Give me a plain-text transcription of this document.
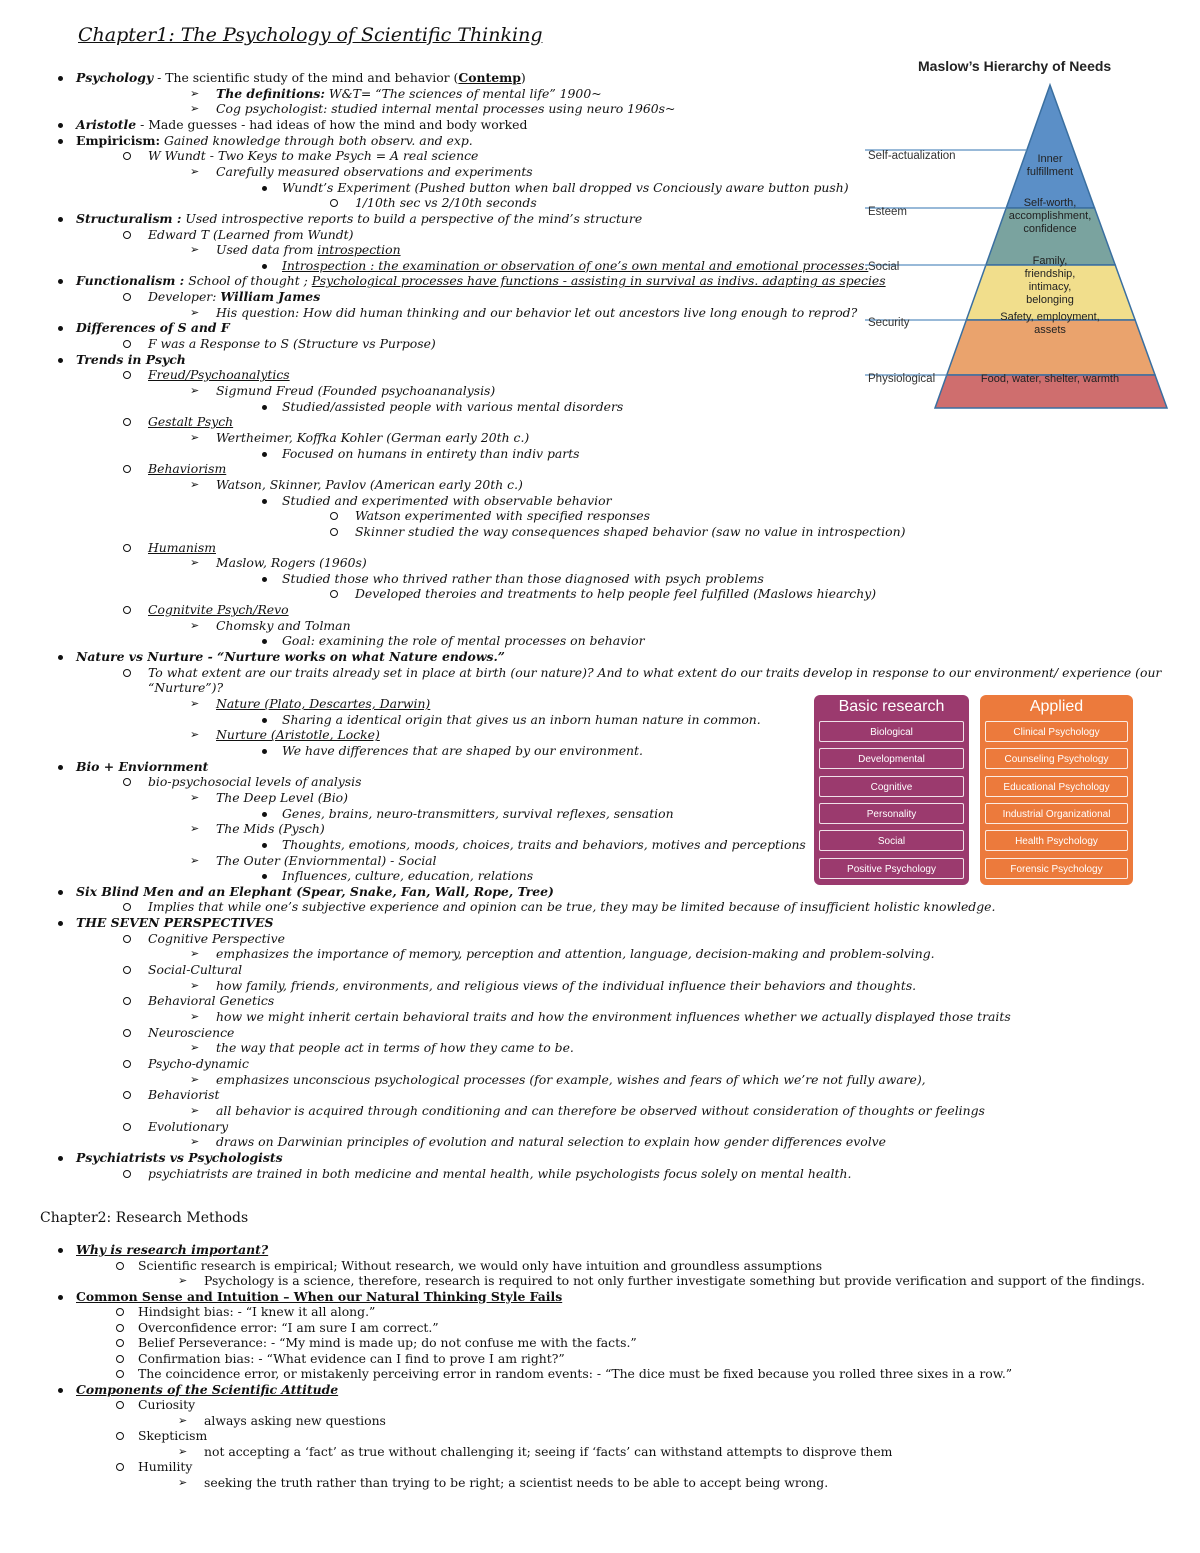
Chapter1: The Psychology of Scientific Thinking
Psychology - The scientific study of the mind and behavior (Contemp)
➢ The definitions: W&T= “The sciences of mental life” 1900~
➢ Cog psychologist: studied internal mental processes using neuro 1960s~
Aristotle - Made guesses - had ideas of how the mind and body worked
Empiricism: Gained knowledge through both observ. and exp.
W Wundt - Two Keys to make Psych = A real science
➢ Carefully measured observations and experiments
Wundt’s Experiment (Pushed button when ball dropped vs Conciously aware button push)
1/10th sec vs 2/10th seconds
Structuralism : Used introspective reports to build a perspective of the mind’s structure
Edward T (Learned from Wundt)
➢ Used data from introspection
Introspection : the examination or observation of one’s own mental and emotional processes.
Functionalism : School of thought ; Psychological processes have functions - assisting in survival as indivs. adapting as species
Developer: William James
➢ His question: How did human thinking and our behavior let out ancestors live long enough to reprod?
Differences of S and F
F was a Response to S (Structure vs Purpose)
Trends in Psych
Freud/Psychoanalytics
➢ Sigmund Freud (Founded psychoananalysis)
Studied/assisted people with various mental disorders
Gestalt Psych
➢ Wertheimer, Koffka Kohler (German early 20th c.)
Focused on humans in entirety than indiv parts
Behaviorism
➢ Watson, Skinner, Pavlov (American early 20th c.)
Studied and experimented with observable behavior
Watson experimented with specified responses
Skinner studied the way consequences shaped behavior (saw no value in introspection)
Humanism
➢ Maslow, Rogers (1960s)
Studied those who thrived rather than those diagnosed with psych problems
Developed theroies and treatments to help people feel fulfilled (Maslows hiearchy)
Cognitvite Psych/Revo
➢ Chomsky and Tolman
Goal: examining the role of mental processes on behavior
Nature vs Nurture - “Nurture works on what Nature endows.”
To what extent are our traits already set in place at birth (our nature)? And to what extent do our traits develop in response to our environment/ experience (our
“Nurture”)?
➢ Nature (Plato, Descartes, Darwin)
Sharing a identical origin that gives us an inborn human nature in common.
➢ Nurture (Aristotle, Locke)
We have differences that are shaped by our environment.
Bio + Enviornment
bio-psychosocial levels of analysis
➢ The Deep Level (Bio)
Genes, brains, neuro-transmitters, survival reflexes, sensation
➢ The Mids (Pysch)
Thoughts, emotions, moods, choices, traits and behaviors, motives and perceptions
➢ The Outer (Enviornmental) - Social
Influences, culture, education, relations
Six Blind Men and an Elephant (Spear, Snake, Fan, Wall, Rope, Tree)
Implies that while one’s subjective experience and opinion can be true, they may be limited because of insufficient holistic knowledge.
THE SEVEN PERSPECTIVES
Cognitive Perspective
➢ emphasizes the importance of memory, perception and attention, language, decision-making and problem-solving.
Social-Cultural
➢ how family, friends, environments, and religious views of the individual influence their behaviors and thoughts.
Behavioral Genetics
➢ how we might inherit certain behavioral traits and how the environment influences whether we actually displayed those traits
Neuroscience
➢ the way that people act in terms of how they came to be.
Psycho-dynamic
➢ emphasizes unconscious psychological processes (for example, wishes and fears of which we’re not fully aware),
Behaviorist
➢ all behavior is acquired through conditioning and can therefore be observed without consideration of thoughts or feelings
Evolutionary
➢ draws on Darwinian principles of evolution and natural selection to explain how gender differences evolve
Psychiatrists vs Psychologists
psychiatrists are trained in both medicine and mental health, while psychologists focus solely on mental health.
Chapter2: Research Methods
Why is research important?
Scientific research is empirical; Without research, we would only have intuition and groundless assumptions
➢ Psychology is a science, therefore, research is required to not only further investigate something but provide verification and support of the findings.
Common Sense and Intuition – When our Natural Thinking Style Fails
Hindsight bias: - “I knew it all along.”
Overconfidence error: “I am sure I am correct.”
Belief Perseverance: - “My mind is made up; do not confuse me with the facts.”
Confirmation bias: - “What evidence can I find to prove I am right?”
The coincidence error, or mistakenly perceiving error in random events: - “The dice must be fixed because you rolled three sixes in a row.”
Components of the Scientific Attitude
Curiosity
➢ always asking new questions
Skepticism
➢ not accepting a ‘fact’ as true without challenging it; seeing if ‘facts’ can withstand attempts to disprove them
Humility
➢ seeking the truth rather than trying to be right; a scientist needs to be able to accept being wrong.
Maslow’s Hierarchy of Needs
Self-actualization	Inner fulfillment
Esteem
Self-worth, accomplishment, confidence
Social	Family, friendship, intimacy, belonging
Security	Safety, employment, assets
Physiological	Food, water, shelter, warmth
Basic research
Biological
Developmental
Cognitive
Personality
Social
Positive Psychology
Applied
Clinical Psychology
Counseling Psychology
Educational Psychology
Industrial Organizational
Health Psychology
Forensic Psychology
